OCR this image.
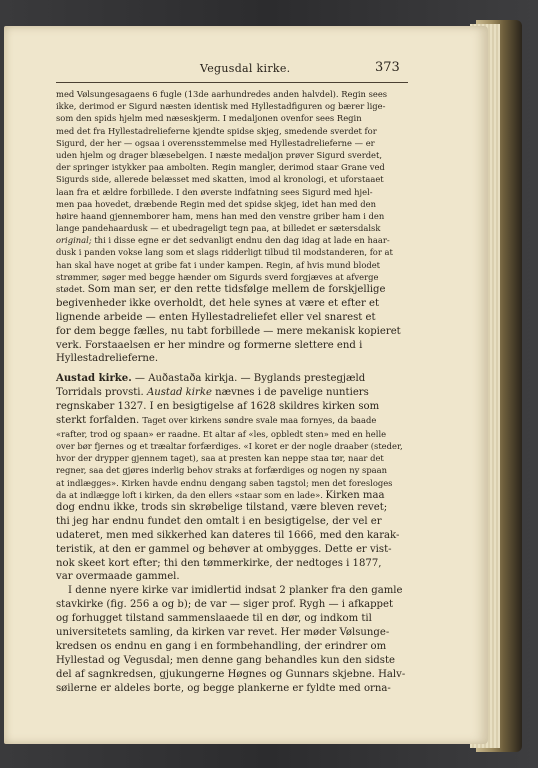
Vegusdal kirke.	373
med Vølsungesagaens 6 fugle (13de aarhundredes anden halvdel). Regin sees
ikke, derimod er Sigurd næsten identisk med Hyllestadfiguren og bærer lige-
som den spids hjelm med næseskjerm. I medaljonen ovenfor sees Regin
med det fra Hyllestadrelieferne kjendte spidse skjeg, smedende sverdet for
Sigurd, der her — ogsaa i overensstemmelse med Hyllestadrelieferne — er
uden hjelm og drager blæsebelgen. I næste medaljon prøver Sigurd sverdet,
der springer istykker paa amboltеn. Regin mangler, derimod staar Grane ved
Sigurds side, allerede belæsset med skatten, imod al kronologi, et uforstaaet
laan fra et ældre forbillede. I den øverste indfatning sees Sigurd med hjel-
men paa hovedet, dræbende Regin med det spidse skjeg, idet han med den
høire haand gjennemborer ham, mens han med den venstre griber ham i den
lange pandehaardusk — et ubedrageligt tegn paa, at billedet er sætersdalsk
original; thi i disse egne er det sedvanligt endnu den dag idag at lade en haar-
dusk i panden vokse lang som et slags ridderligt tilbud til modstanderen, for at
han skal have noget at gribe fat i under kampen. Regin, af hvis mund blodet
strømmer, søger med begge hænder om Sigurds sverd forgjæves at afverge
stødet. Som man ser, er den rette tidsfølge mellem de forskjellige
begivenheder ikke overholdt, det hele synes at være et efter et
lignende arbeide — enten Hyllestadreliefet eller vel snarest et
for dem begge fælles, nu tabt forbillede — mere mekanisk kopieret
verk. Forstaaelsen er her mindre og formerne slettere end i
Hyllestadrelieferne.
Austad kirke. — Auðastaða kirkja. — Byglands prestegjæld
Torridals provsti. Austad kirke nævnes i de pavelige nuntiers
regnskaber 1327. I en besigtigelse af 1628 skildres kirken som
sterkt forfalden. Taget over kirkens søndre svale maa fornyes, da baade
«rafter, trod og spaan» er raadne. Et altar af «les, opbledt sten» med en helle
over bør fjernes og et træaltar forfærdiges. «I koret er der nogle draaber (steder,
hvor der drypper gjennem taget), saa at presten kan neppe staa tør, naar det
regner, saa det gjøres inderlig behov straks at forfærdiges og nogen ny spaan
at indlægges». Kirken havde endnu dengang saben tagstol; men det foresloges
da at indlægge loft i kirken, da den ellers «staar som en lade». Kirken maa
dog endnu ikke, trods sin skrøbelige tilstand, være bleven revet;
thi jeg har endnu fundet den omtalt i en besigtigelse, der vel er
udateret, men med sikkerhed kan dateres til 1666, med den karak-
teristik, at den er gammel og behøver at ombygges. Dette er vist-
nok skeet kort efter; thi den tømmerkirke, der nedtoges i 1877,
var overmaade gammel.
I denne nyere kirke var imidlertid indsat 2 planker fra den gamle
stavkirke (fig. 256 a og b); de var — siger prof. Rygh — i afkappet
og forhugget tilstand sammenslaaede til en dør, og indkom til
universitetets samling, da kirken var revet. Her møder Vølsunge-
kredsen os endnu en gang i en formbehandling, der erindrer om
Hyllestad og Vegusdal; men denne gang behandles kun den sidste
del af sagnkredsen, gjukungerne Høgnes og Gunnars skjebne. Halv-
søilerne er aldeles borte, og begge plankerne er fyldte med orna-
